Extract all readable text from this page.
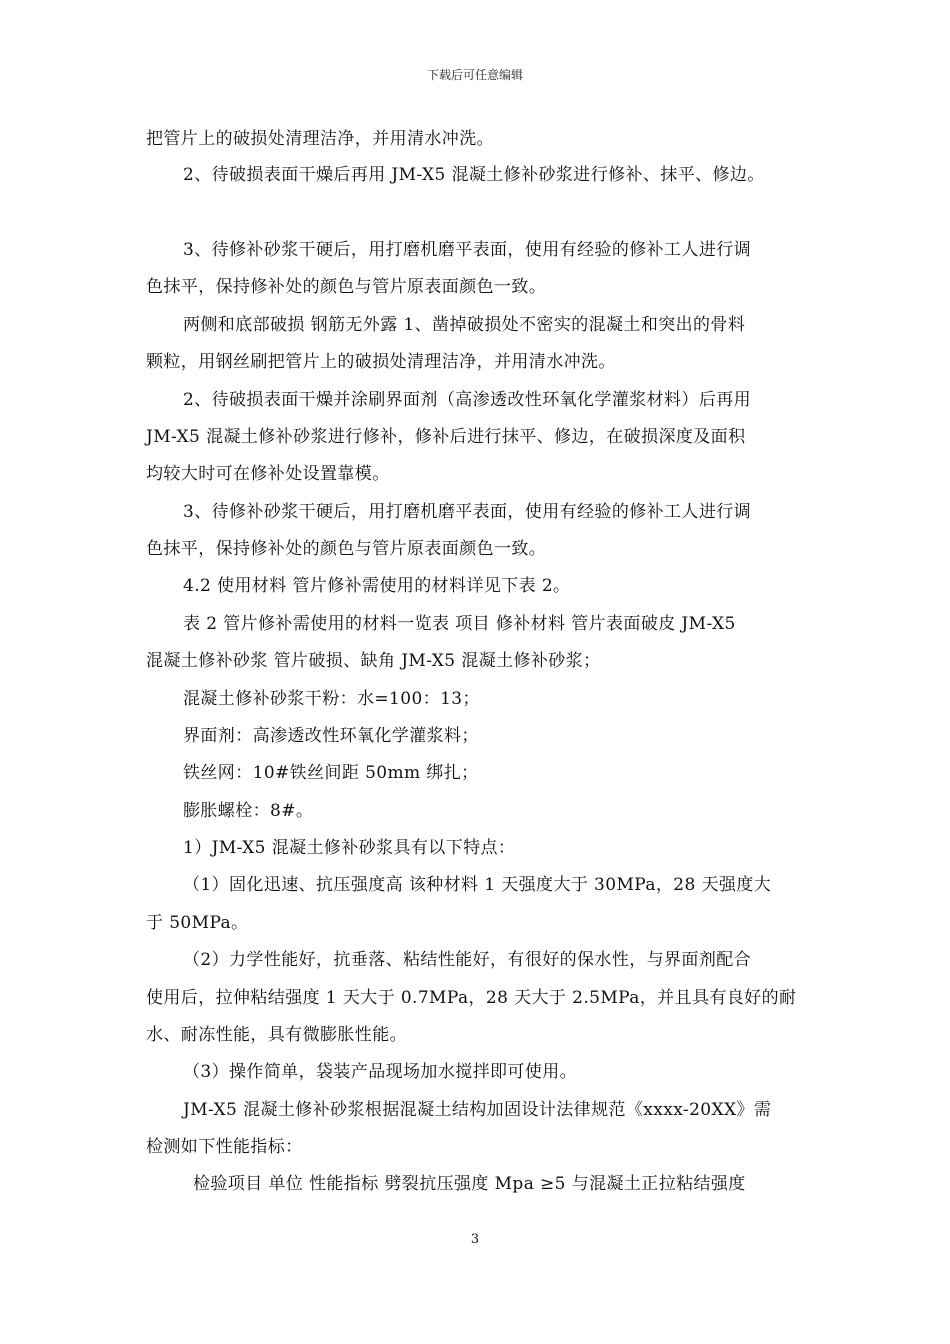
下载后可任意编辑
把管片上的破损处清理洁净，并用清水冲洗。
2、待破损表面干燥后再用 JM-X5 混凝土修补砂浆进行修补、抹平、修边。
3、待修补砂浆干硬后，用打磨机磨平表面，使用有经验的修补工人进行调
色抹平，保持修补处的颜色与管片原表面颜色一致。
两侧和底部破损 钢筋无外露 1、凿掉破损处不密实的混凝土和突出的骨料
颗粒，用钢丝刷把管片上的破损处清理洁净，并用清水冲洗。
2、待破损表面干燥并涂刷界面剂（高渗透改性环氧化学灌浆材料）后再用
JM-X5 混凝土修补砂浆进行修补，修补后进行抹平、修边，在破损深度及面积
均较大时可在修补处设置靠模。
3、待修补砂浆干硬后，用打磨机磨平表面，使用有经验的修补工人进行调
色抹平，保持修补处的颜色与管片原表面颜色一致。
4.2 使用材料 管片修补需使用的材料详见下表 2。
表 2 管片修补需使用的材料一览表 项目 修补材料 管片表面破皮 JM-X5
混凝土修补砂浆 管片破损、缺角 JM-X5 混凝土修补砂浆；
混凝土修补砂浆干粉：水=100：13；
界面剂：高渗透改性环氧化学灌浆料；
铁丝网：10#铁丝间距 50mm 绑扎；
膨胀螺栓：8#。
1）JM-X5 混凝土修补砂浆具有以下特点：
（1）固化迅速、抗压强度高 该种材料 1 天强度大于 30MPa，28 天强度大
于 50MPa。
（2）力学性能好，抗垂落、粘结性能好，有很好的保水性，与界面剂配合
使用后，拉伸粘结强度 1 天大于 0.7MPa，28 天大于 2.5MPa，并且具有良好的耐
水、耐冻性能，具有微膨胀性能。
（3）操作简单，袋装产品现场加水搅拌即可使用。
JM-X5 混凝土修补砂浆根据混凝土结构加固设计法律规范《xxxx-20XX》需
检测如下性能指标：
检验项目 单位 性能指标 劈裂抗压强度 Mpa ≥5 与混凝土正拉粘结强度
3
